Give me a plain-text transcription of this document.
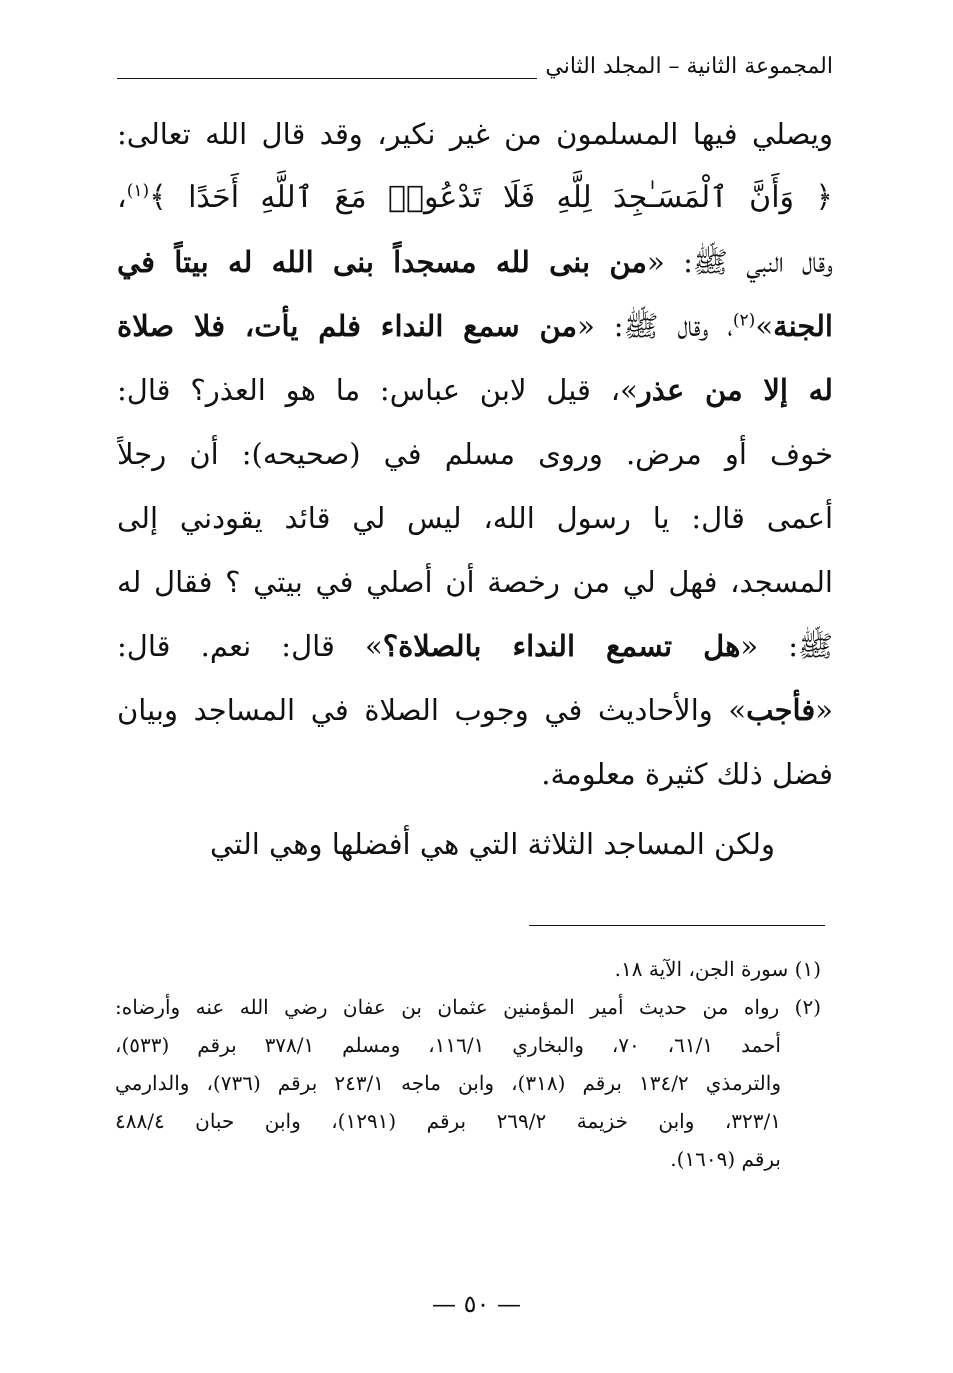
المجموعة الثانية – المجلد الثاني
ويصلي فيها المسلمون من غير نكير، وقد قال الله تعالى:
﴿ وَأَنَّ ٱلْمَسَـٰجِدَ لِلَّهِ فَلَا تَدْعُوا۟ مَعَ ٱللَّهِ أَحَدًا ﴾$^{(١)}$،
وقال النبي ﷺ: «من بنى لله مسجداً بنى الله له بيتاً في
الجنة»$^{(٢)}$، وقال ﷺ: «من سمع النداء فلم يأت، فلا صلاة
له إلا من عذر»، قيل لابن عباس: ما هو العذر؟ قال:
خوف أو مرض. وروى مسلم في (صحيحه): أن رجلاً
أعمى قال: يا رسول الله، ليس لي قائد يقودني إلى
المسجد، فهل لي من رخصة أن أصلي في بيتي ؟ فقال له
ﷺ: «هل تسمع النداء بالصلاة؟» قال: نعم. قال:
«فأجب» والأحاديث في وجوب الصلاة في المساجد وبيان
فضل ذلك كثيرة معلومة.
ولكن المساجد الثلاثة التي هي أفضلها وهي التي
(١) سورة الجن، الآية ١٨.
(٢) رواه من حديث أمير المؤمنين عثمان بن عفان رضي الله عنه وأرضاه:
أحمد ٦١/١، ٧٠، والبخاري ١١٦/١، ومسلم ٣٧٨/١ برقم (٥٣٣)،
والترمذي ١٣٤/٢ برقم (٣١٨)، وابن ماجه ٢٤٣/١ برقم (٧٣٦)، والدارمي
٣٢٣/١، وابن خزيمة ٢٦٩/٢ برقم (١٢٩١)، وابن حبان ٤٨٨/٤
برقم (١٦٠٩).
— ٥٠ —
